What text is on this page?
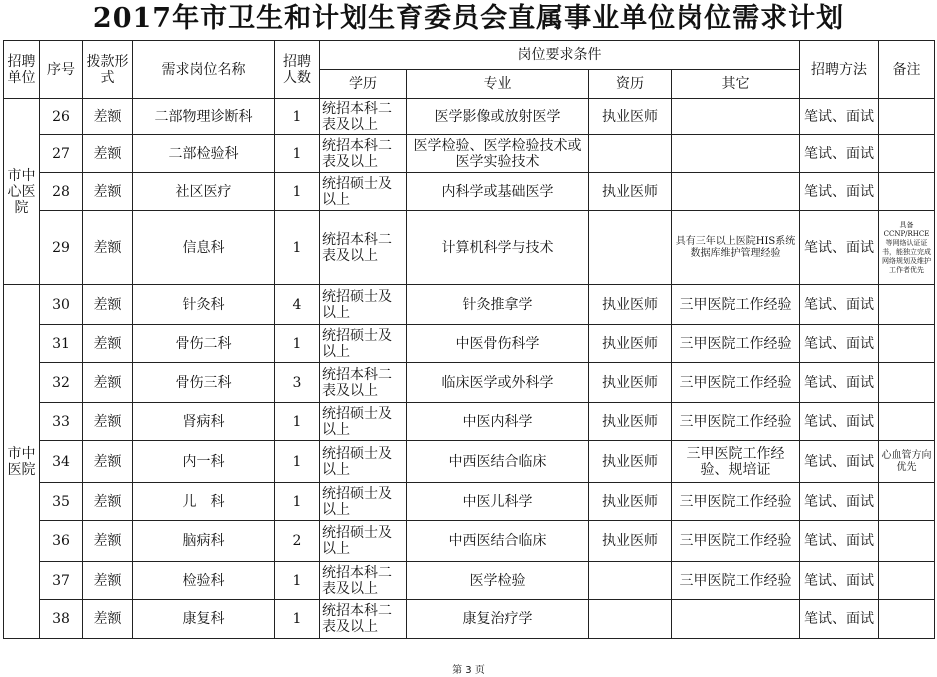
2017年市卫生和计划生育委员会直属事业单位岗位需求计划
招聘单位	序号	拨款形式	需求岗位名称	招聘人数	岗位要求条件				招聘方法	备注
					学历	专业	资历	其它		
市中心医院	26	差额	二部物理诊断科	1	统招本科二表及以上	医学影像或放射医学	执业医师		笔试、面试	
	27	差额	二部检验科	1	统招本科二表及以上	医学检验、医学检验技术或医学实验技术			笔试、面试	
	28	差额	社区医疗	1	统招硕士及以上	内科学或基础医学	执业医师		笔试、面试	
	29	差额	信息科	1	统招本科二表及以上	计算机科学与技术		具有三年以上医院HIS系统数据库维护管理经验	笔试、面试	具备CCNP/RHCE等网络认证证书，能独立完成网络规划及维护工作者优先
市中医院	30	差额	针灸科	4	统招硕士及以上	针灸推拿学	执业医师	三甲医院工作经验	笔试、面试	
	31	差额	骨伤二科	1	统招硕士及以上	中医骨伤科学	执业医师	三甲医院工作经验	笔试、面试	
	32	差额	骨伤三科	3	统招本科二表及以上	临床医学或外科学	执业医师	三甲医院工作经验	笔试、面试	
	33	差额	肾病科	1	统招硕士及以上	中医内科学	执业医师	三甲医院工作经验	笔试、面试	
	34	差额	内一科	1	统招硕士及以上	中西医结合临床	执业医师	三甲医院工作经验、规培证	笔试、面试	心血管方向优先
	35	差额	儿　科	1	统招硕士及以上	中医儿科学	执业医师	三甲医院工作经验	笔试、面试	
	36	差额	脑病科	2	统招硕士及以上	中西医结合临床	执业医师	三甲医院工作经验	笔试、面试	
	37	差额	检验科	1	统招本科二表及以上	医学检验		三甲医院工作经验	笔试、面试	
	38	差额	康复科	1	统招本科二表及以上	康复治疗学			笔试、面试	
第 3 页
